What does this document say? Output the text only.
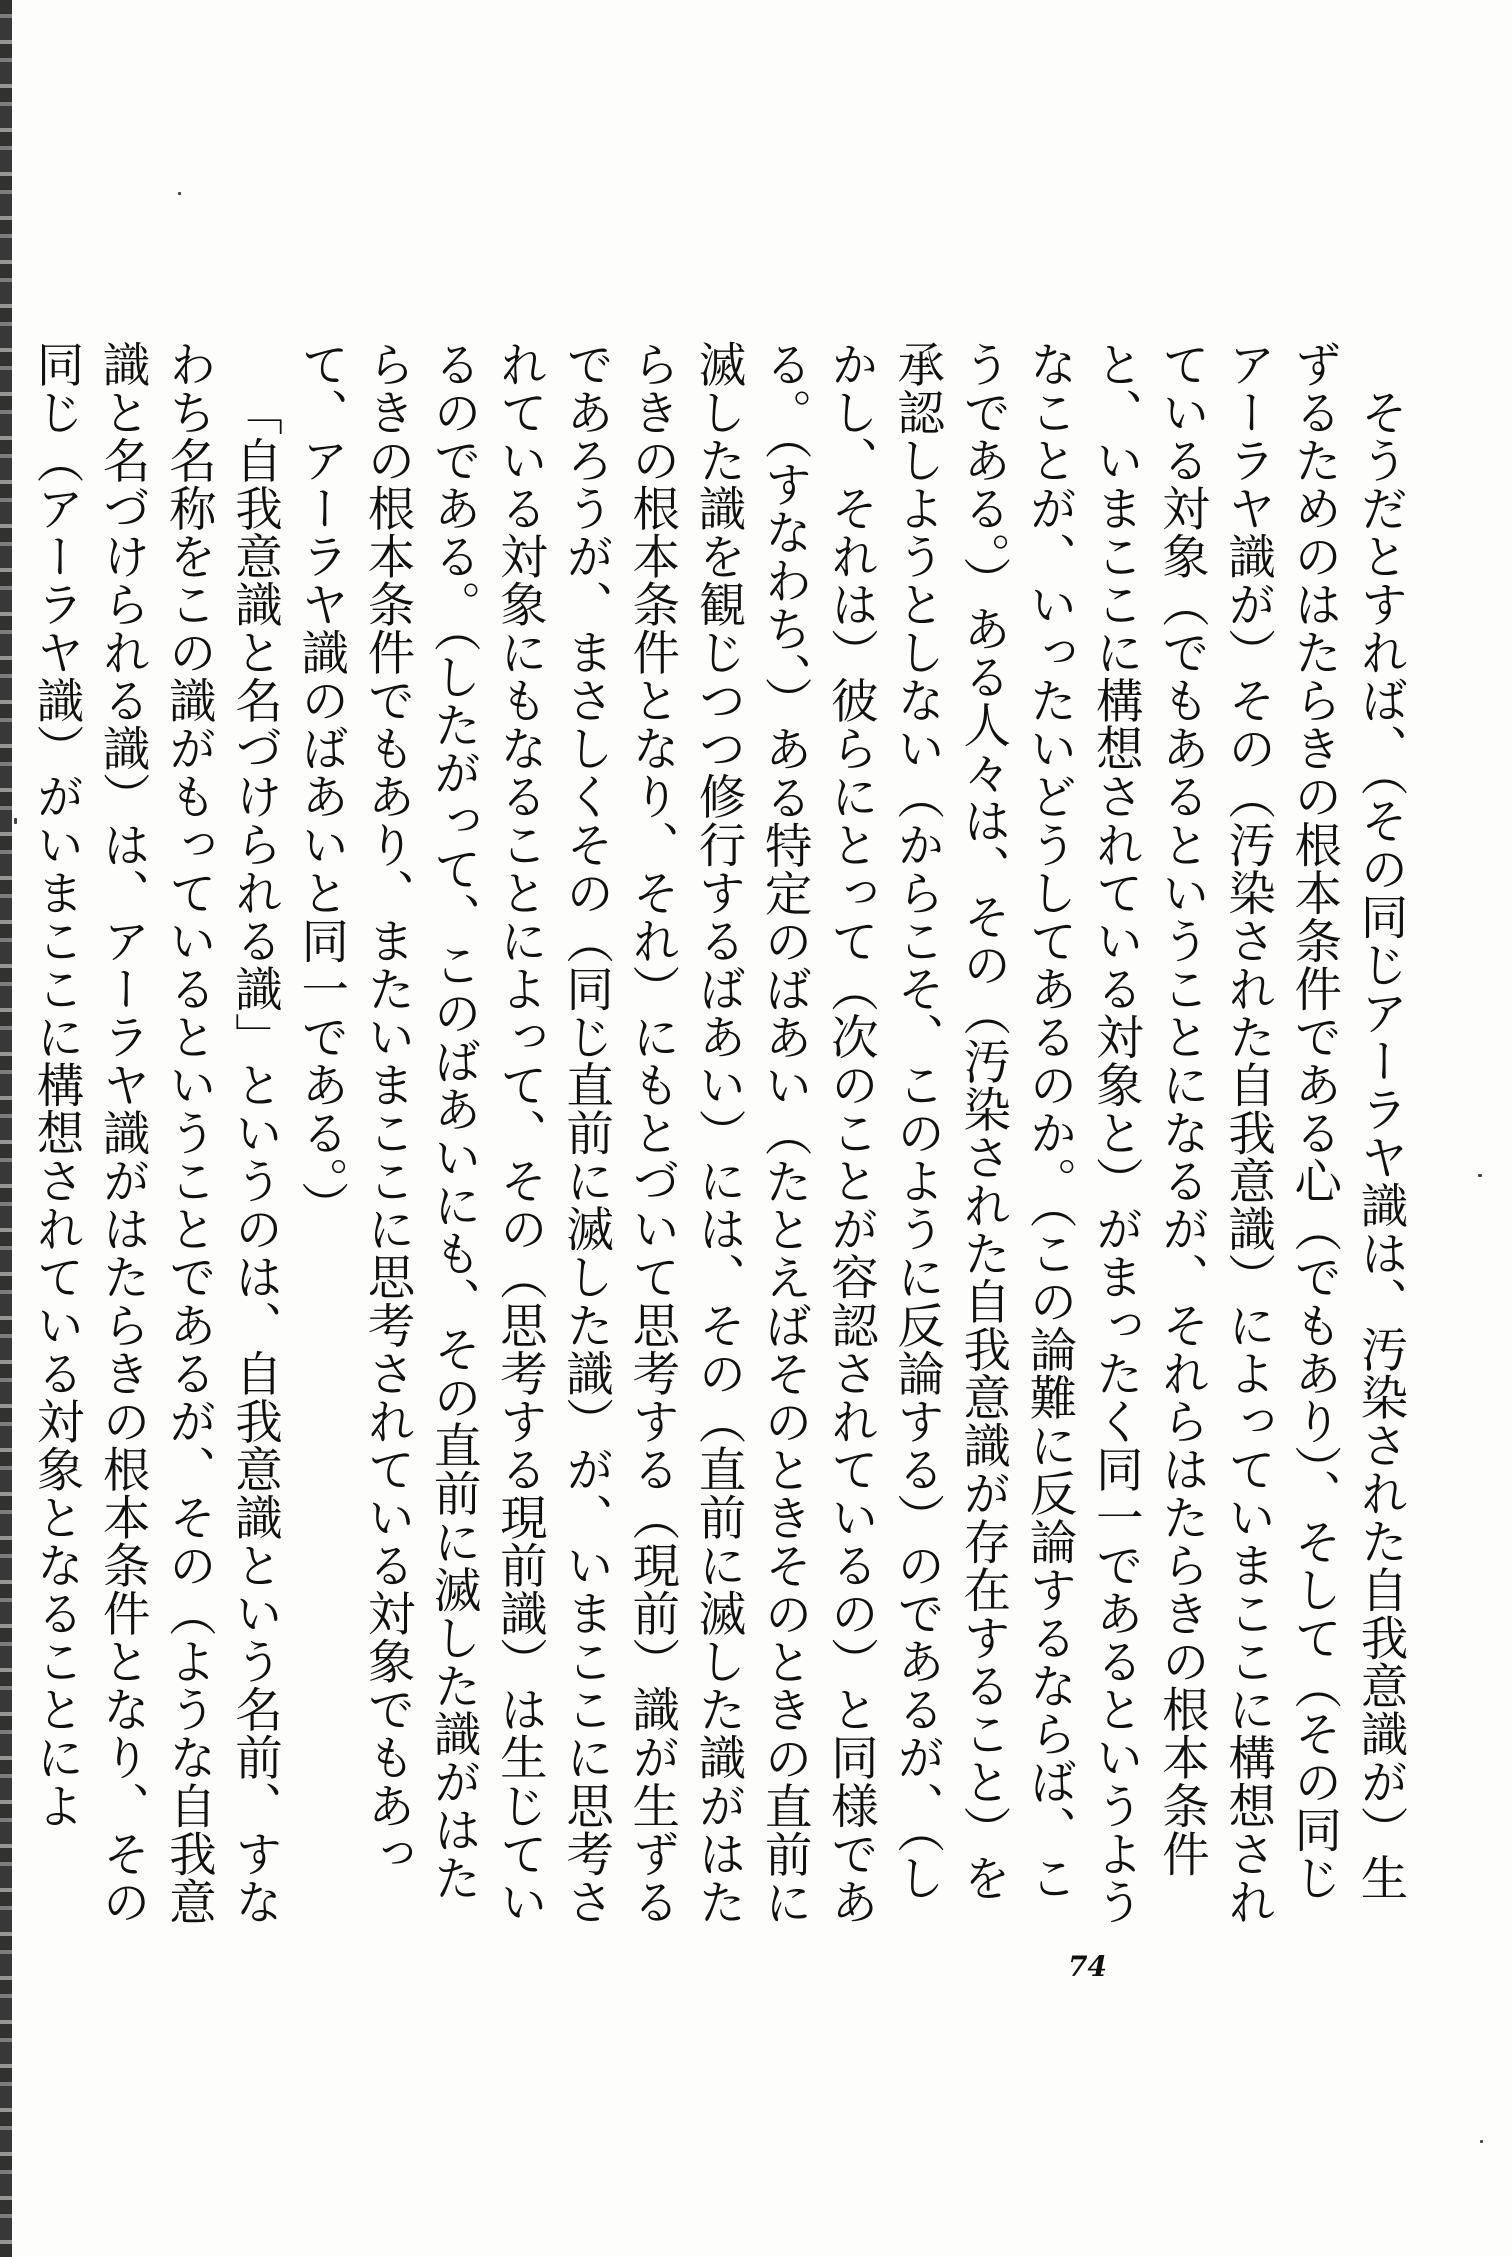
そうだとすれば、（その同じアーラヤ識は、汚染された自我意識が）生ずるためのはたらきの根本条件である心（でもあり）、そして（その同じアーラヤ識が）その（汚染された自我意識）によっていまここに構想されている対象（でもあるということになるが、それらはたらきの根本条件と、いまここに構想されている対象と）がまったく同一であるというようなことが、いったいどうしてあるのか。（この論難に反論するならば、こうである。）ある人々は、その（汚染された自我意識が存在すること）を承認しようとしない（からこそ、このように反論する）のであるが、（しかし、それは）彼らにとって（次のことが容認されているの）と同様である。（すなわち、）ある特定のばあい（たとえばそのときそのときの直前に滅した識を観じつつ修行するばあい）には、その（直前に滅した識がはたらきの根本条件となり、それ）にもとづいて思考する（現前）識が生ずるであろうが、まさしくその（同じ直前に滅した識）が、いまここに思考されている対象にもなることによって、その（思考する現前識）は生じているのである。（したがって、このばあいにも、その直前に滅した識がはたらきの根本条件でもあり、またいまここに思考されている対象でもあって、アーラヤ識のばあいと同一である。）

「自我意識と名づけられる識」というのは、自我意識という名前、すなわち名称をこの識がもっているということであるが、その（ような自我意識と名づけられる識）は、アーラヤ識がはたらきの根本条件となり、その同じ（アーラヤ識）がいまここに構想されている対象となることによ

74
